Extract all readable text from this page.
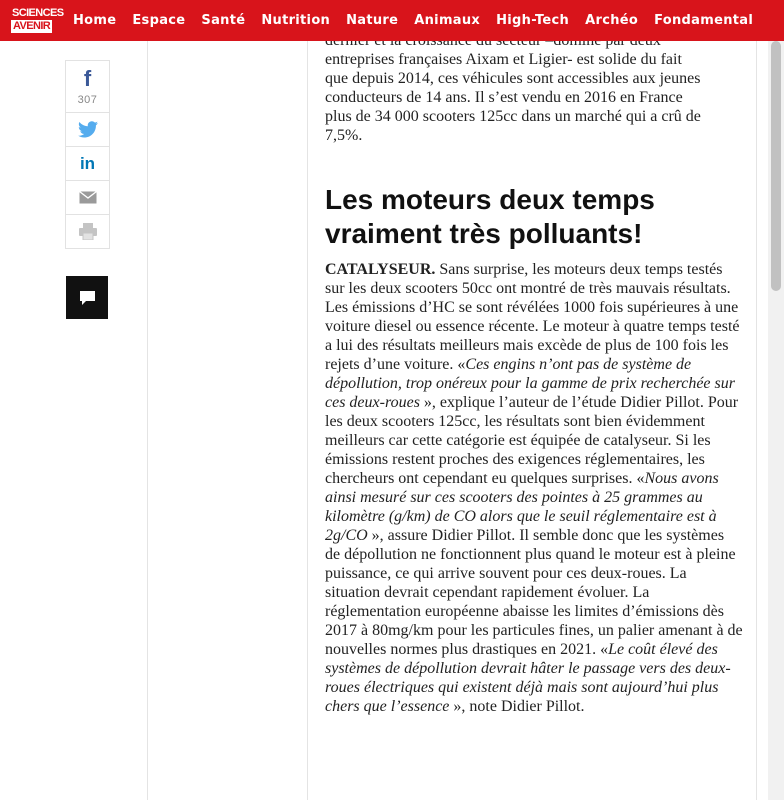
SCIENCES
AVENIR Home Espace Santé Nutrition Nature Animaux High-Tech Archéo Fondamental
f
307
in

entreprises françaises Aixam et Ligier- est solide du fait

que depuis 2014, ces véhicules sont accessibles aux jeunes

conducteurs de 14 ans. Il s’est vendu en 2016 en France

plus de 34 000 scooters 125cc dans un marché qui a crû de

7,5%.

Les moteurs deux temps vraiment très polluants!

CATALYSEUR. Sans surprise, les moteurs deux temps testés sur les deux scooters 50cc ont montré de très mauvais résultats. Les émissions d’HC se sont révélées 1000 fois supérieures à une voiture diesel ou essence récente. Le moteur à quatre temps testé a lui des résultats meilleurs mais excède de plus de 100 fois les rejets d’une voiture. «Ces engins n’ont pas de système de dépollution, trop onéreux pour la gamme de prix recherchée sur ces deux-roues », explique l’auteur de l’étude Didier Pillot. Pour les deux scooters 125cc, les résultats sont bien évidemment meilleurs car cette catégorie est équipée de catalyseur. Si les émissions restent proches des exigences réglementaires, les chercheurs ont cependant eu quelques surprises. «Nous avons ainsi mesuré sur ces scooters des pointes à 25 grammes au kilomètre (g/km) de CO alors que le seuil réglementaire est à 2g/CO », assure Didier Pillot. Il semble donc que les systèmes de dépollution ne fonctionnent plus quand le moteur est à pleine puissance, ce qui arrive souvent pour ces deux-roues. La situation devrait cependant rapidement évoluer. La réglementation européenne abaisse les limites d’émissions dès 2017 à 80mg/km pour les particules fines, un palier amenant à de nouvelles normes plus drastiques en 2021. «Le coût élevé des systèmes de dépollution devrait hâter le passage vers des deux-roues électriques qui existent déjà mais sont aujourd’hui plus chers que l’essence », note Didier Pillot.
